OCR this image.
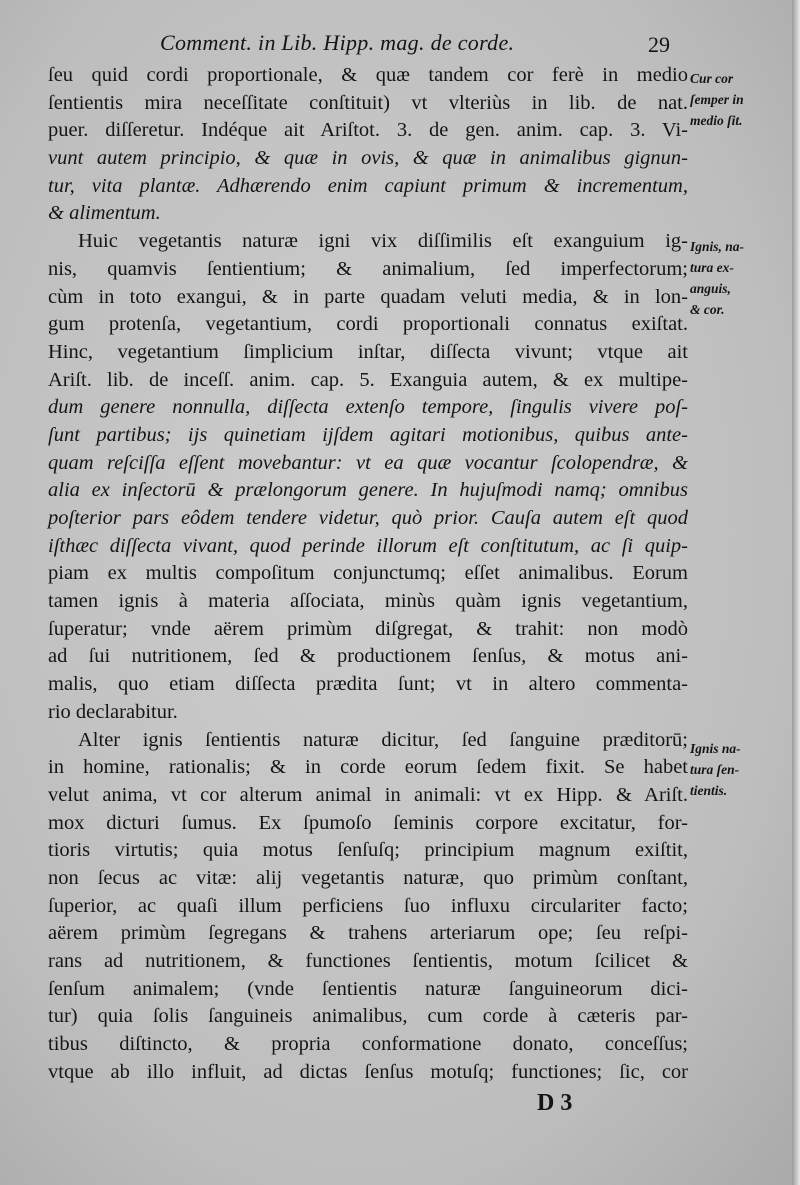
Comment. in Lib. Hipp. mag. de corde.	29
ſeu quid cordi proportionale, & quæ tandem cor ferè in medio
ſentientis mira neceſſitate conſtituit) vt vlteriùs in lib. de nat.
puer. diſſeretur. Indéque ait Ariſtot. 3. de gen. anim. cap. 3. Vi-
vunt autem principio, & quæ in ovis, & quæ in animalibus gignun-
tur, vita plantæ. Adhærendo enim capiunt primum & incrementum,
& alimentum.
Huic vegetantis naturæ igni vix diſſimilis eſt exanguium ig-
nis, quamvis ſentientium; & animalium, ſed imperfectorum;
cùm in toto exangui, & in parte quadam veluti media, & in lon-
gum protenſa, vegetantium, cordi proportionali connatus exiſtat.
Hinc, vegetantium ſimplicium inſtar, diſſecta vivunt; vtque ait
Ariſt. lib. de inceſſ. anim. cap. 5. Exanguia autem, & ex multipe-
dum genere nonnulla, diſſecta extenſo tempore, ſingulis vivere poſ-
ſunt partibus; ijs quinetiam ijſdem agitari motionibus, quibus ante-
quam reſciſſa eſſent movebantur: vt ea quæ vocantur ſcolopendræ, &
alia ex inſectorū & prælongorum genere. In hujuſmodi namq; omnibus
poſterior pars eôdem tendere videtur, quò prior. Cauſa autem eſt quod
iſthæc diſſecta vivant, quod perinde illorum eſt conſtitutum, ac ſi quip-
piam ex multis compoſitum conjunctumq; eſſet animalibus. Eorum
tamen ignis à materia aſſociata, minùs quàm ignis vegetantium,
ſuperatur; vnde aërem primùm diſgregat, & trahit: non modò
ad ſui nutritionem, ſed & productionem ſenſus, & motus ani-
malis, quo etiam diſſecta prædita ſunt; vt in altero commenta-
rio declarabitur.
Alter ignis ſentientis naturæ dicitur, ſed ſanguine præditorū;
in homine, rationalis; & in corde eorum ſedem fixit. Se habet
velut anima, vt cor alterum animal in animali: vt ex Hipp. & Ariſt.
mox dicturi ſumus. Ex ſpumoſo ſeminis corpore excitatur, for-
tioris virtutis; quia motus ſenſuſq; principium magnum exiſtit,
non ſecus ac vitæ: alij vegetantis naturæ, quo primùm conſtant,
ſuperior, ac quaſi illum perficiens ſuo influxu circulariter facto;
aërem primùm ſegregans & trahens arteriarum ope; ſeu reſpi-
rans ad nutritionem, & functiones ſentientis, motum ſcilicet &
ſenſum animalem; (vnde ſentientis naturæ ſanguineorum dici-
tur) quia ſolis ſanguineis animalibus, cum corde à cæteris par-
tibus diſtincto, & propria conformatione donato, conceſſus;
vtque ab illo influit, ad dictas ſenſus motuſq; functiones; ſic, cor
Cur cor
ſemper in
medio ſit.
Ignis, na-
tura ex-
anguis,
& cor.
Ignis na-
tura ſen-
tientis.
D 3
